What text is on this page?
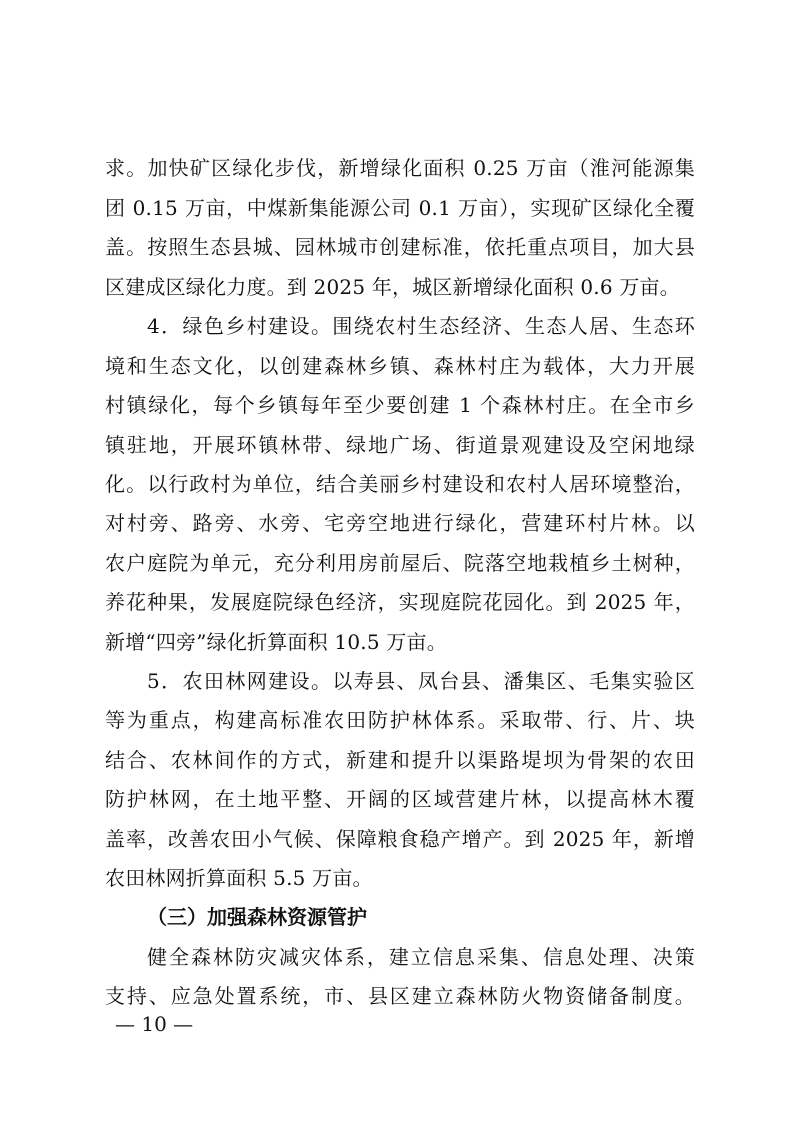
求。加快矿区绿化步伐，新增绿化面积 0.25 万亩（淮河能源集
团 0.15 万亩，中煤新集能源公司 0.1 万亩），实现矿区绿化全覆
盖。按照生态县城、园林城市创建标准，依托重点项目，加大县
区建成区绿化力度。到 2025 年，城区新增绿化面积 0.6 万亩。
4．绿色乡村建设。围绕农村生态经济、生态人居、生态环
境和生态文化，以创建森林乡镇、森林村庄为载体，大力开展
村镇绿化，每个乡镇每年至少要创建 1 个森林村庄。在全市乡
镇驻地，开展环镇林带、绿地广场、街道景观建设及空闲地绿
化。以行政村为单位，结合美丽乡村建设和农村人居环境整治，
对村旁、路旁、水旁、宅旁空地进行绿化，营建环村片林。以
农户庭院为单元，充分利用房前屋后、院落空地栽植乡土树种，
养花种果，发展庭院绿色经济，实现庭院花园化。到 2025 年，
新增“四旁”绿化折算面积 10.5 万亩。
5．农田林网建设。以寿县、凤台县、潘集区、毛集实验区
等为重点，构建高标准农田防护林体系。采取带、行、片、块
结合、农林间作的方式，新建和提升以渠路堤坝为骨架的农田
防护林网，在土地平整、开阔的区域营建片林，以提高林木覆
盖率，改善农田小气候、保障粮食稳产增产。到 2025 年，新增
农田林网折算面积 5.5 万亩。
（三）加强森林资源管护
健全森林防灾减灾体系，建立信息采集、信息处理、决策
支持、应急处置系统，市、县区建立森林防火物资储备制度。
— 10 —
